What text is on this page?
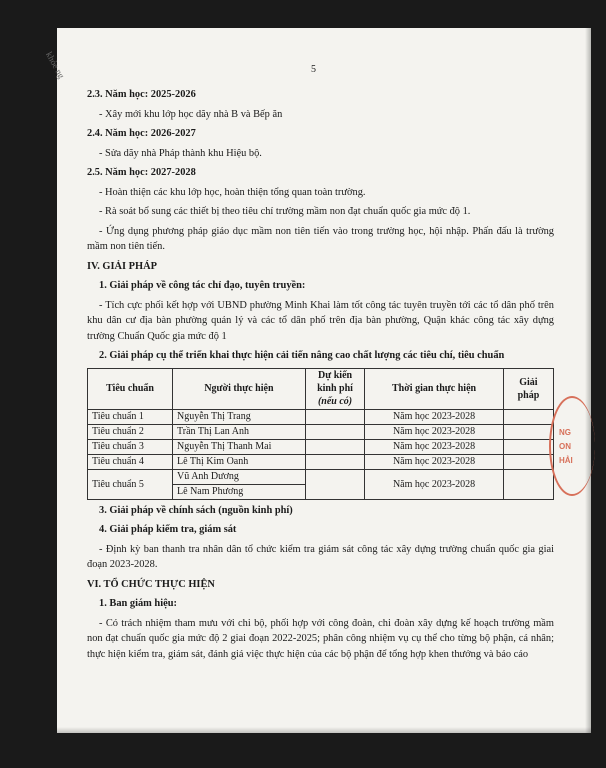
khỏe ng	5

2.3. Năm học: 2025-2026

- Xây mới khu lớp học dãy nhà B và Bếp ăn

2.4. Năm học: 2026-2027

- Sửa dãy nhà Pháp thành khu Hiệu bộ.

2.5. Năm học: 2027-2028

- Hoàn thiện các khu lớp học, hoàn thiện tổng quan toàn trường.

- Rà soát bổ sung các thiết bị theo tiêu chí trường mầm non đạt chuẩn quốc gia mức độ 1.

- Ứng dụng phương pháp giáo dục mầm non tiên tiến vào trong trường học, hội nhập. Phấn đấu là trường mầm non tiên tiến.

IV. GIẢI PHÁP

1. Giải pháp về công tác chỉ đạo, tuyên truyền:

- Tích cực phối kết hợp với UBND phường Minh Khai làm tốt công tác tuyên truyền tới các tổ dân phố trên khu dân cư địa bàn phường quản lý và các tổ dân phố trên địa bàn phường, Quận khác công tác xây dựng trường Chuẩn Quốc gia mức độ 1

2. Giải pháp cụ thể triển khai thực hiện cải tiến nâng cao chất lượng các tiêu chí, tiêu chuẩn

Tiêu chuẩn	Người thực hiện	Dự kiến
kinh phí
(nếu có)	Thời gian thực hiện	Giải
pháp
Tiêu chuẩn 1	Nguyễn Thị Trang		Năm học 2023-2028	
Tiêu chuẩn 2	Trần Thị Lan Anh		Năm học 2023-2028	
Tiêu chuẩn 3	Nguyễn Thị Thanh Mai		Năm học 2023-2028	
Tiêu chuẩn 4	Lê Thị Kim Oanh		Năm học 2023-2028	
Tiêu chuẩn 5	Vũ Anh Dương		Năm học 2023-2028	
	Lê Nam Phương			

3. Giải pháp về chính sách (nguồn kinh phí)

4. Giải pháp kiểm tra, giám sát

- Định kỳ ban thanh tra nhân dân tổ chức kiểm tra giám sát công tác xây dựng trường chuẩn quốc gia giai đoạn 2023-2028.

VI. TỔ CHỨC THỰC HIỆN

1. Ban giám hiệu:

- Có trách nhiệm tham mưu với chi bộ, phối hợp với công đoàn, chi đoàn xây dựng kế hoạch trường mầm non đạt chuẩn quốc gia mức độ 2 giai đoạn 2022-2025; phân công nhiệm vụ cụ thể cho từng bộ phận, cá nhân; thực hiện kiểm tra, giám sát, đánh giá việc thực hiện của các bộ phận để tổng hợp khen thưởng và báo cáo

NG
ON
HẢI
